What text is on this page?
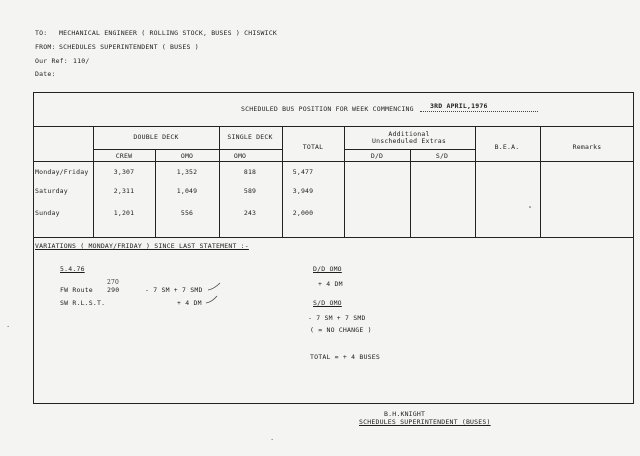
TO: MECHANICAL ENGINEER ( ROLLING STOCK, BUSES ) CHISWICK
FROM: SCHEDULES SUPERINTENDENT ( BUSES )
Our Ref: 110/
Date:
SCHEDULED BUS POSITION FOR WEEK COMMENCING 3RD APRIL,1976
DOUBLE DECK	SINGLE DECK
TOTAL
Additional
Unscheduled Extras
B.E.A.	Remarks
CREW	OMO	OMO	D/D	S/D
Monday/Friday	3,307	1,352	818	5,477
Saturday	2,311	1,049	589	3,949
Sunday	1,201	556	243	2,000
VARIATIONS ( MONDAY/FRIDAY ) SINCE LAST STATEMENT :-
5.4.76
270
FW Route 290	- 7 SM + 7 SMD
SW R.L.S.T.	+ 4 DM
D/D OMO
+ 4 DM
S/D OMO
- 7 SM + 7 SMD
( = NO CHANGE )
TOTAL = + 4 BUSES
B.H.KNIGHT
SCHEDULES SUPERINTENDENT (BUSES)
·
·
